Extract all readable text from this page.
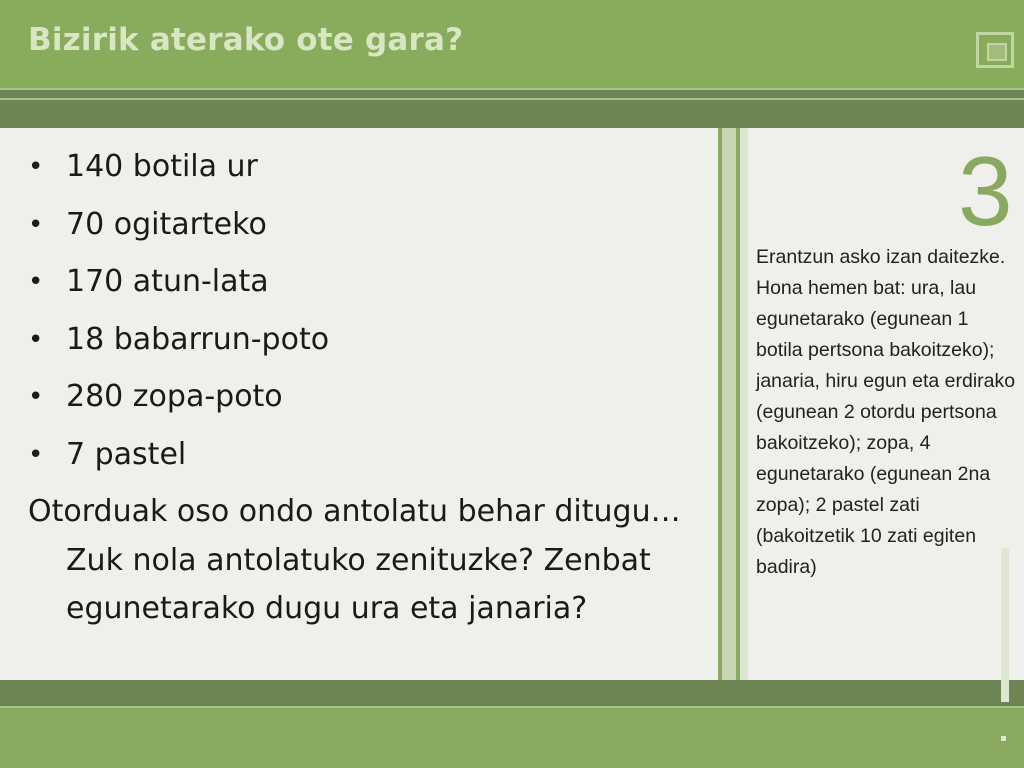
Bizirik aterako ote gara?
• 140 botila ur
• 70 ogitarteko
• 170 atun-lata
• 18 babarrun-poto
• 280 zopa-poto
• 7 pastel
Otorduak oso ondo antolatu behar ditugu… Zuk nola antolatuko zenituzke? Zenbat egunetarako dugu ura eta janaria?
3
Erantzun asko izan daitezke. Hona hemen bat: ura, lau egunetarako (egunean 1 botila pertsona bakoitzeko); janaria, hiru egun eta erdirako (egunean 2 otordu pertsona bakoitzeko); zopa, 4 egunetarako (egunean 2na zopa); 2 pastel zati (bakoitzetik 10 zati egiten badira)
